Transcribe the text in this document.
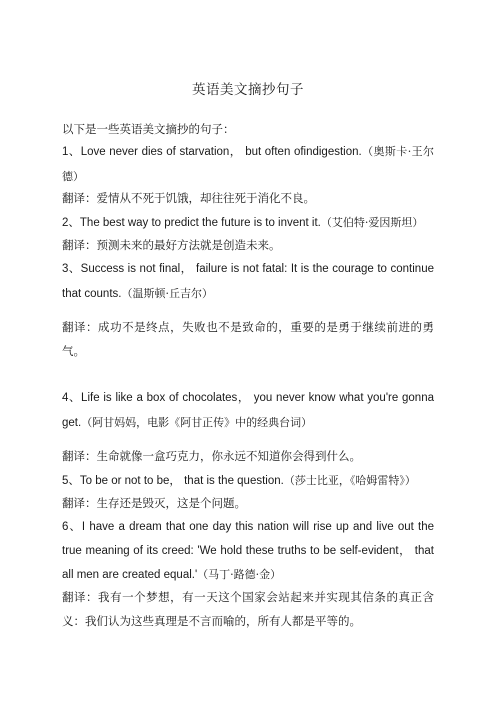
英语美文摘抄句子
以下是一些英语美文摘抄的句子：
1、Love never dies of starvation， but often ofindigestion.（奥斯卡·王尔德）
翻译：爱情从不死于饥饿，却往往死于消化不良。
2、The best way to predict the future is to invent it.（艾伯特·爱因斯坦）
翻译：预测未来的最好方法就是创造未来。
3、Success is not final， failure is not fatal: It is the courage to continue that counts.（温斯顿·丘吉尔）
翻译：成功不是终点，失败也不是致命的，重要的是勇于继续前进的勇气。
4、Life is like a box of chocolates， you never know what you're gonna get.（阿甘妈妈，电影《阿甘正传》中的经典台词）
翻译：生命就像一盒巧克力，你永远不知道你会得到什么。
5、To be or not to be， that is the question.（莎士比亚，《哈姆雷特》）
翻译：生存还是毁灭，这是个问题。
6、I have a dream that one day this nation will rise up and live out the true meaning of its creed: 'We hold these truths to be self-evident， that all men are created equal.'（马丁·路德·金）
翻译：我有一个梦想，有一天这个国家会站起来并实现其信条的真正含义：我们认为这些真理是不言而喻的，所有人都是平等的。
